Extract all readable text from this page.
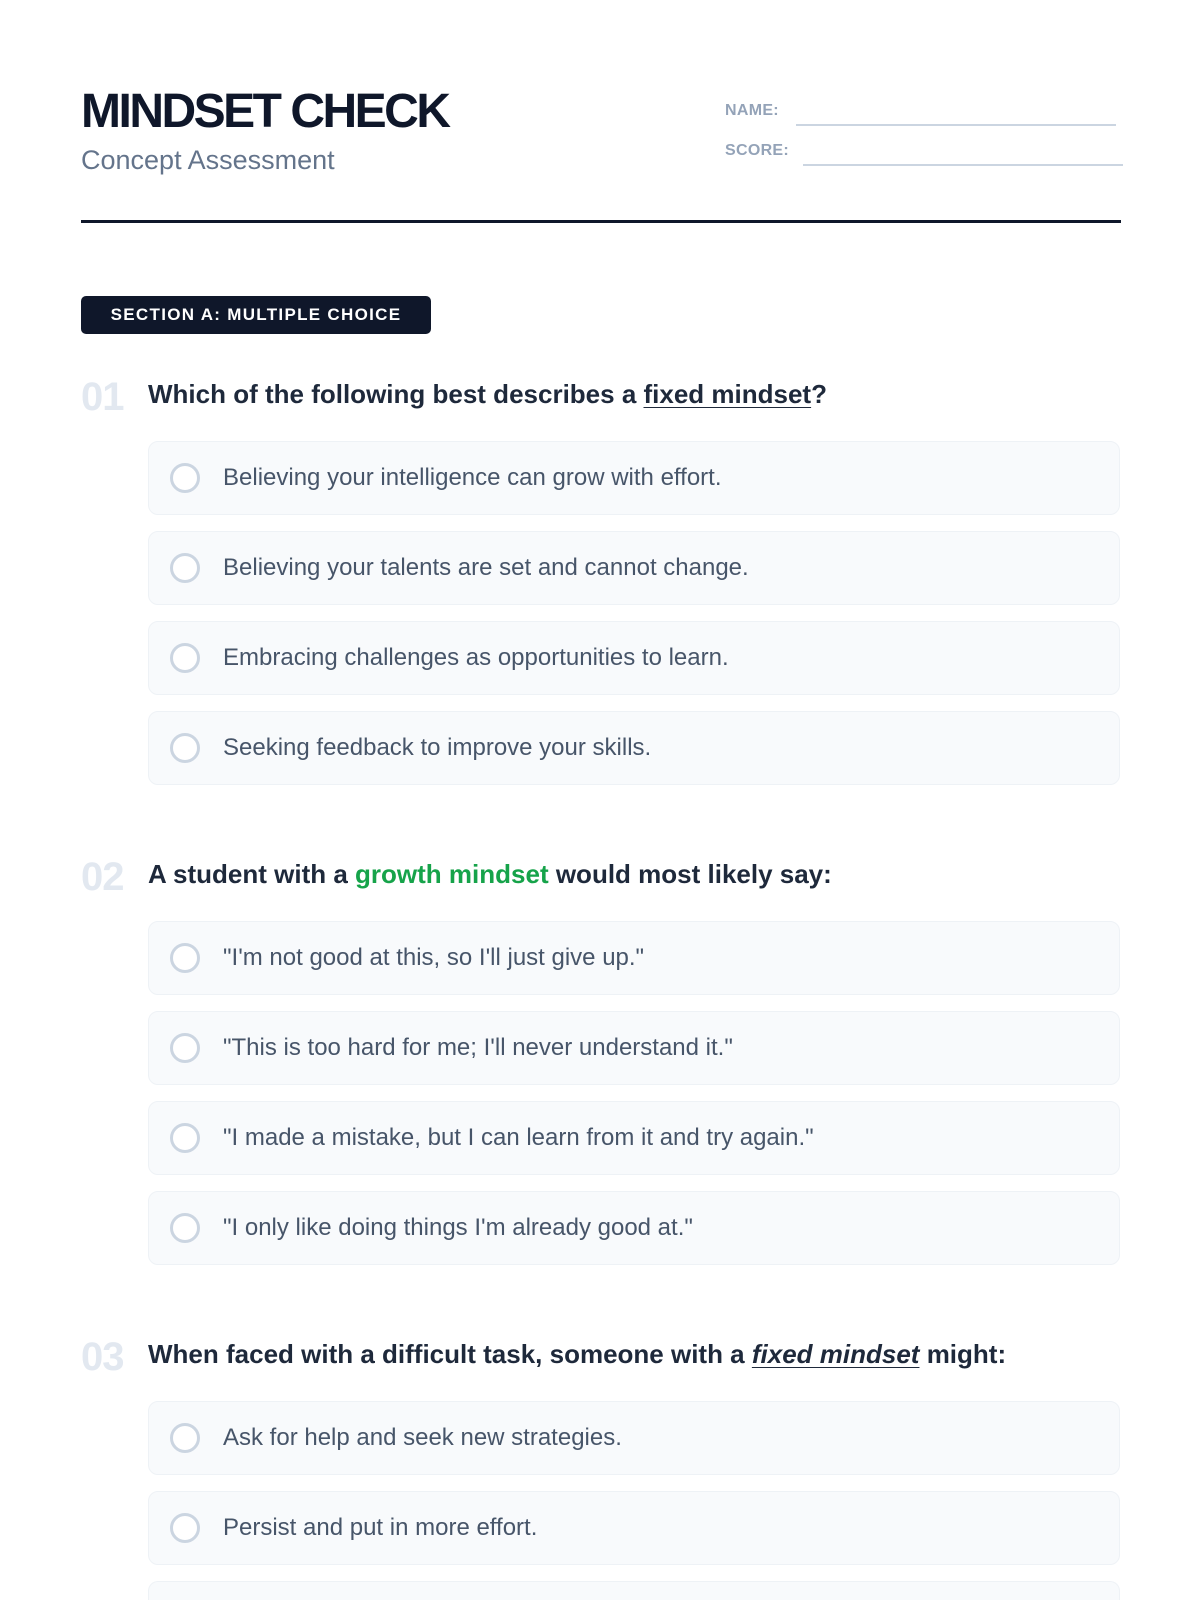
MINDSET CHECK
Concept Assessment
NAME:
SCORE:
SECTION A: MULTIPLE CHOICE
01 Which of the following best describes a fixed mindset?
Believing your intelligence can grow with effort.
Believing your talents are set and cannot change.
Embracing challenges as opportunities to learn.
Seeking feedback to improve your skills.
02 A student with a growth mindset would most likely say:
"I'm not good at this, so I'll just give up."
"This is too hard for me; I'll never understand it."
"I made a mistake, but I can learn from it and try again."
"I only like doing things I'm already good at."
03 When faced with a difficult task, someone with a fixed mindset might:
Ask for help and seek new strategies.
Persist and put in more effort.
